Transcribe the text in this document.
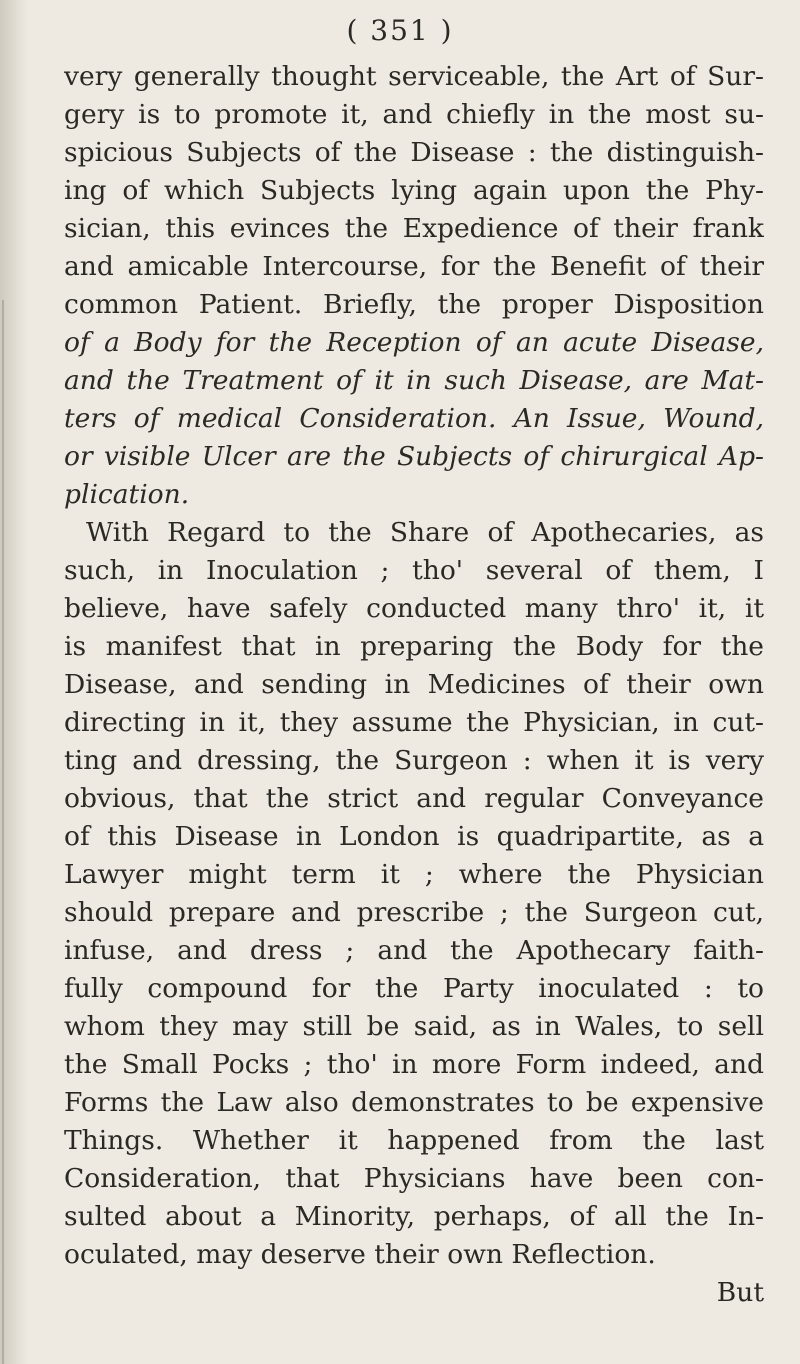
( 351 )
very generally thought serviceable, the Art of Sur-
gery is to promote it, and chiefly in the most su-
spicious Subjects of the Disease : the distinguish-
ing of which Subjects lying again upon the Phy-
sician, this evinces the Expedience of their frank
and amicable Intercourse, for the Benefit of their
common Patient. Briefly, the proper Disposition
of a Body for the Reception of an acute Disease,
and the Treatment of it in such Disease, are Mat-
ters of medical Consideration. An Issue, Wound,
or visible Ulcer are the Subjects of chirurgical Ap-
plication.
With Regard to the Share of Apothecaries, as
such, in Inoculation ; tho' several of them, I
believe, have safely conducted many thro' it, it
is manifest that in preparing the Body for the
Disease, and sending in Medicines of their own
directing in it, they assume the Physician, in cut-
ting and dressing, the Surgeon : when it is very
obvious, that the strict and regular Conveyance
of this Disease in London is quadripartite, as a
Lawyer might term it ; where the Physician
should prepare and prescribe ; the Surgeon cut,
infuse, and dress ; and the Apothecary faith-
fully compound for the Party inoculated : to
whom they may still be said, as in Wales, to sell
the Small Pocks ; tho' in more Form indeed, and
Forms the Law also demonstrates to be expensive
Things. Whether it happened from the last
Consideration, that Physicians have been con-
sulted about a Minority, perhaps, of all the In-
oculated, may deserve their own Reflection.
But
